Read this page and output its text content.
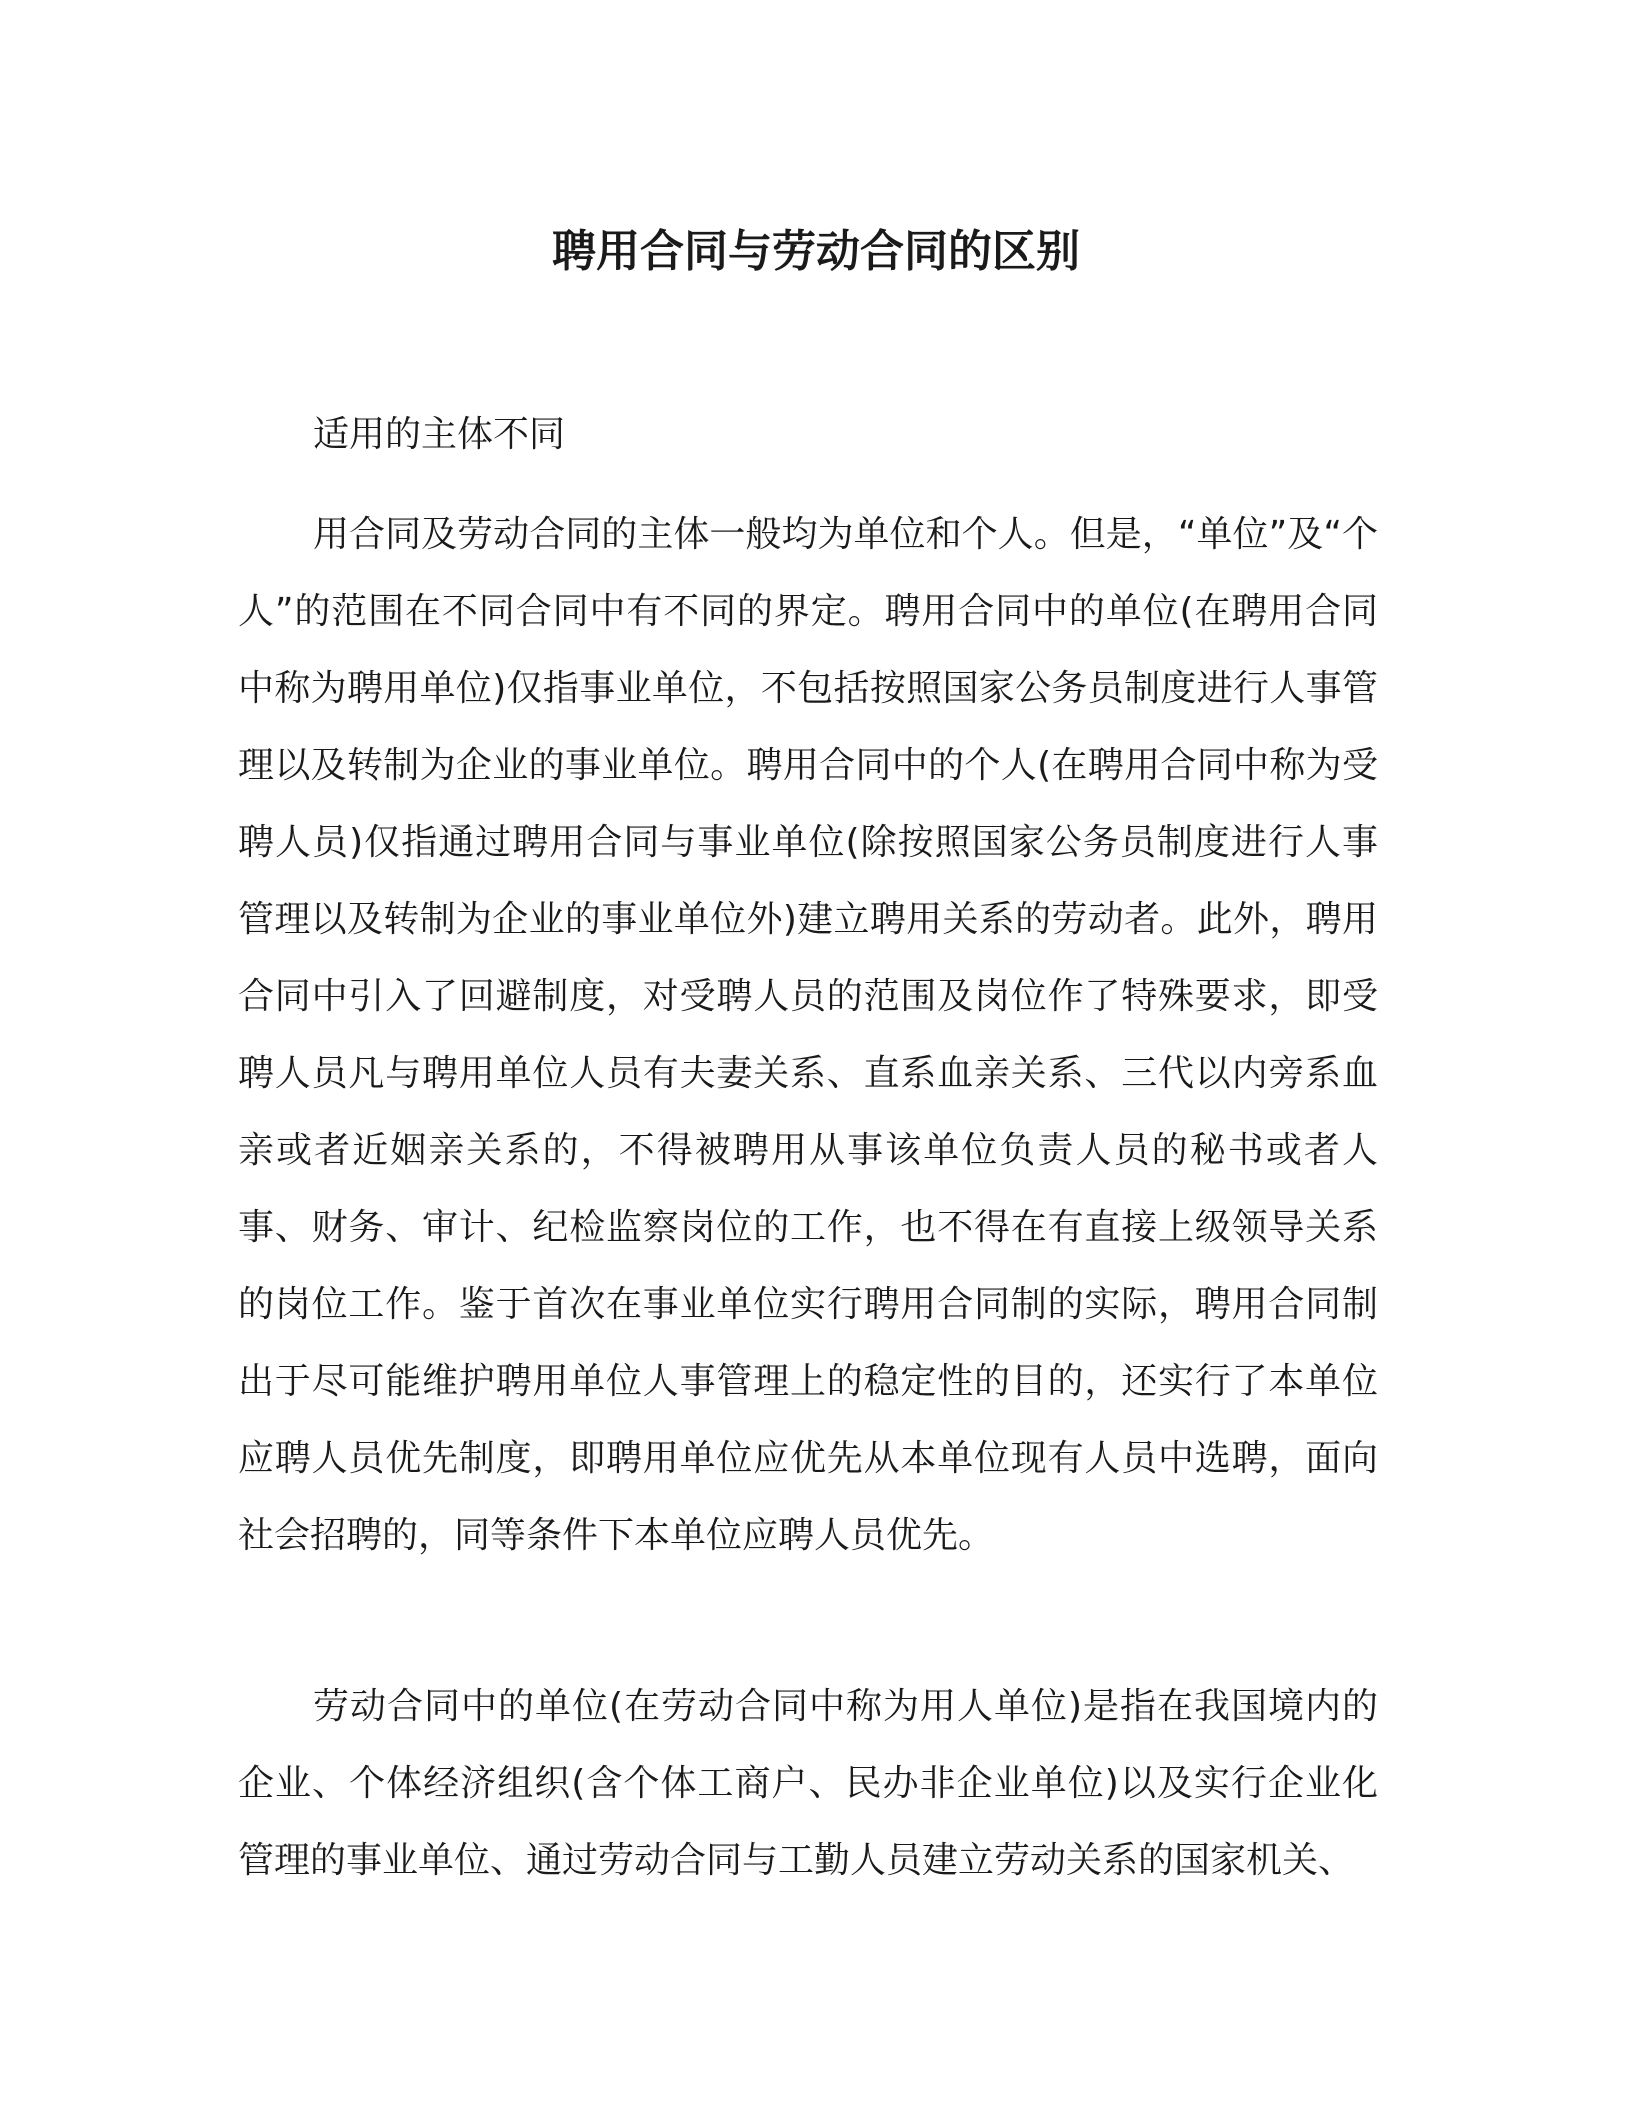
聘用合同与劳动合同的区别

适用的主体不同

用合同及劳动合同的主体一般均为单位和个人。但是，“单位”及“个人”的范围在不同合同中有不同的界定。聘用合同中的单位(在聘用合同中称为聘用单位)仅指事业单位，不包括按照国家公务员制度进行人事管理以及转制为企业的事业单位。聘用合同中的个人(在聘用合同中称为受聘人员)仅指通过聘用合同与事业单位(除按照国家公务员制度进行人事管理以及转制为企业的事业单位外)建立聘用关系的劳动者。此外，聘用合同中引入了回避制度，对受聘人员的范围及岗位作了特殊要求，即受聘人员凡与聘用单位人员有夫妻关系、直系血亲关系、三代以内旁系血亲或者近姻亲关系的，不得被聘用从事该单位负责人员的秘书或者人事、财务、审计、纪检监察岗位的工作，也不得在有直接上级领导关系的岗位工作。鉴于首次在事业单位实行聘用合同制的实际，聘用合同制出于尽可能维护聘用单位人事管理上的稳定性的目的，还实行了本单位应聘人员优先制度，即聘用单位应优先从本单位现有人员中选聘，面向社会招聘的，同等条件下本单位应聘人员优先。

劳动合同中的单位(在劳动合同中称为用人单位)是指在我国境内的企业、个体经济组织(含个体工商户、民办非企业单位)以及实行企业化管理的事业单位、通过劳动合同与工勤人员建立劳动关系的国家机关、
